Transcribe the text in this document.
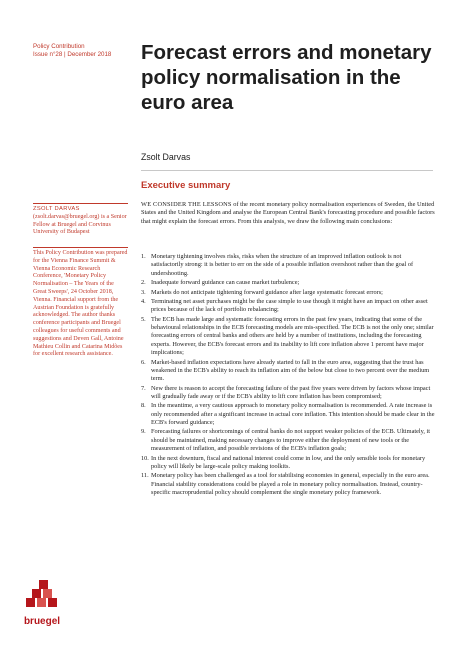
Policy Contribution
Issue n°28 | December 2018	Forecast errors and monetary policy normalisation in the euro area
Zsolt Darvas
Executive summary
ZSOLT DARVAS (zsolt.darvas@bruegel.org) is a Senior Fellow at Bruegel and Corvinus University of Budapest
This Policy Contribution was prepared for the Vienna Finance Summit & Vienna Economic Research Conference, 'Monetary Policy Normalisation – The Years of the Great Sweeps', 24 October 2018, Vienna. Financial support from the Austrian Foundation is gratefully acknowledged. The author thanks conference participants and Bruegel colleagues for useful comments and suggestions and Deven Gall, Antoine Mathieu Collin and Catarina Midões for excellent research assistance.

WE CONSIDER THE LESSONS of the recent monetary policy normalisation experiences of Sweden, the United States and the United Kingdom and analyse the European Central Bank's forecasting procedure and possible factors that might explain the forecast errors. From this analysis, we draw the following main conclusions:

1. Monetary tightening involves risks, risks when the structure of an improved inflation outlook is not satisfactorily strong: it is better to err on the side of a possible inflation overshoot rather than the goal of undershooting.
2. Inadequate forward guidance can cause market turbulence;
3. Markets do not anticipate tightening forward guidance after large systematic forecast errors;
4. Terminating net asset purchases might be the case simple to use though it might have an impact on other asset prices because of the lack of portfolio rebalancing;
5. The ECB has made large and systematic forecasting errors in the past few years, indicating that some of the behavioural relationships in the ECB forecasting models are mis-specified. The ECB is not the only one; similar forecasting errors of central banks and others are held by a number of institutions, including the forecasting experts. However, the ECB's forecast errors and its inability to lift core inflation above 1 percent have major implications;
6. Market-based inflation expectations have already started to fall in the euro area, suggesting that the trust has weakened in the ECB's ability to reach its inflation aim of the below but close to two percent over the medium term.
7. New there is reason to accept the forecasting failure of the past five years were driven by factors whose impact will gradually fade away or if the ECB's ability to lift core inflation has been compromised;
8. In the meantime, a very cautious approach to monetary policy normalisation is recommended. A rate increase is only recommended after a significant increase in actual core inflation. This intention should be made clear in the ECB's forward guidance;
9. Forecasting failures or shortcomings of central banks do not support weaker policies of the ECB. Ultimately, it should be maintained, making necessary changes to improve either the deployment of new tools or the measurement of inflation, and possible revisions of the ECB's inflation goals;
10. In the next downturn, fiscal and national interest could come in low, and the only sensible tools for monetary policy will likely be large-scale policy making toolkits.
11. Monetary policy has been challenged as a tool for stabilising economies in general, especially in the euro area. Financial stability considerations could be played a role in monetary policy normalisation. Instead, country-specific macroprudential policy should complement the single monetary policy framework.
bruegel
